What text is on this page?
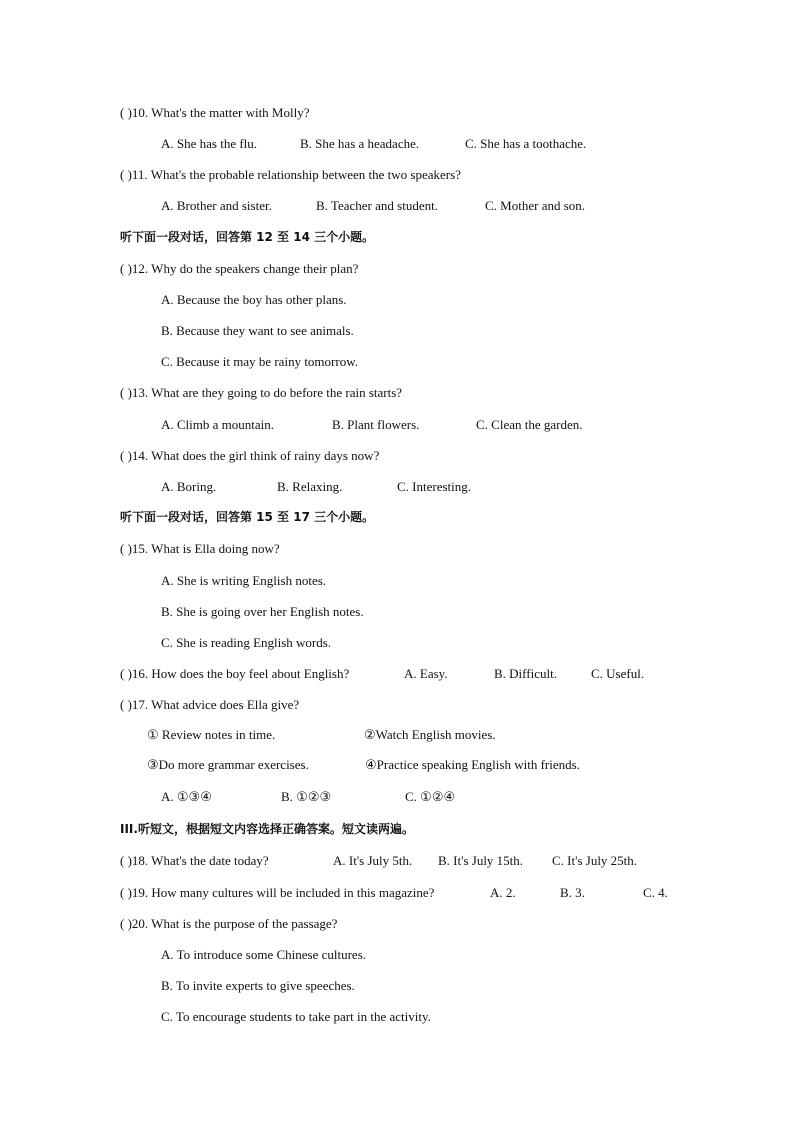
( )10. What's the matter with Molly?
A. She has the flu.	B. She has a headache.	C. She has a toothache.
( )11. What's the probable relationship between the two speakers?
A. Brother and sister.	B. Teacher and student.	C. Mother and son.
听下面一段对话，回答第 12 至 14 三个小题。
( )12. Why do the speakers change their plan?
A. Because the boy has other plans.
B. Because they want to see animals.
C. Because it may be rainy tomorrow.
( )13. What are they going to do before the rain starts?
A. Climb a mountain.	B. Plant flowers.	C. Clean the garden.
( )14. What does the girl think of rainy days now?
A. Boring.	B. Relaxing.	C. Interesting.
听下面一段对话，回答第 15 至 17 三个小题。
( )15. What is Ella doing now?
A. She is writing English notes.
B. She is going over her English notes.
C. She is reading English words.
( )16. How does the boy feel about English?	A. Easy.	B. Difficult.	C. Useful.
( )17. What advice does Ella give?
① Review notes in time.	②Watch English movies.
③Do more grammar exercises.	④Practice speaking English with friends.
A. ①③④	B. ①②③	C. ①②④
III.听短文，根据短文内容选择正确答案。短文读两遍。
( )18. What's the date today?	A. It's July 5th. B. It's July 15th. C. It's July 25th.
( )19. How many cultures will be included in this magazine?	A. 2.	B. 3.	C. 4.
( )20. What is the purpose of the passage?
A. To introduce some Chinese cultures.
B. To invite experts to give speeches.
C. To encourage students to take part in the activity.
